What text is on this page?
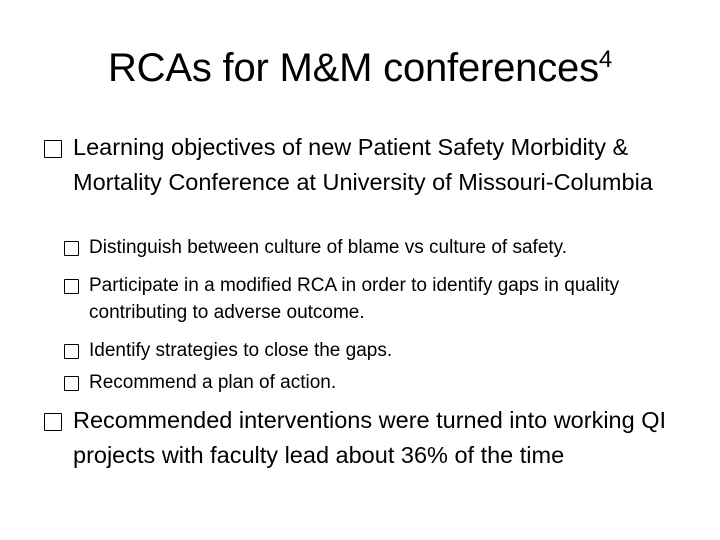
RCAs for M&M conferences$^4$
Learning objectives of new Patient Safety Morbidity & Mortality Conference at University of Missouri-Columbia
Distinguish between culture of blame vs culture of safety.
Participate in a modified RCA in order to identify gaps in quality contributing to adverse outcome.
Identify strategies to close the gaps.
Recommend a plan of action.
Recommended interventions were turned into working QI projects with faculty lead about 36% of the time
